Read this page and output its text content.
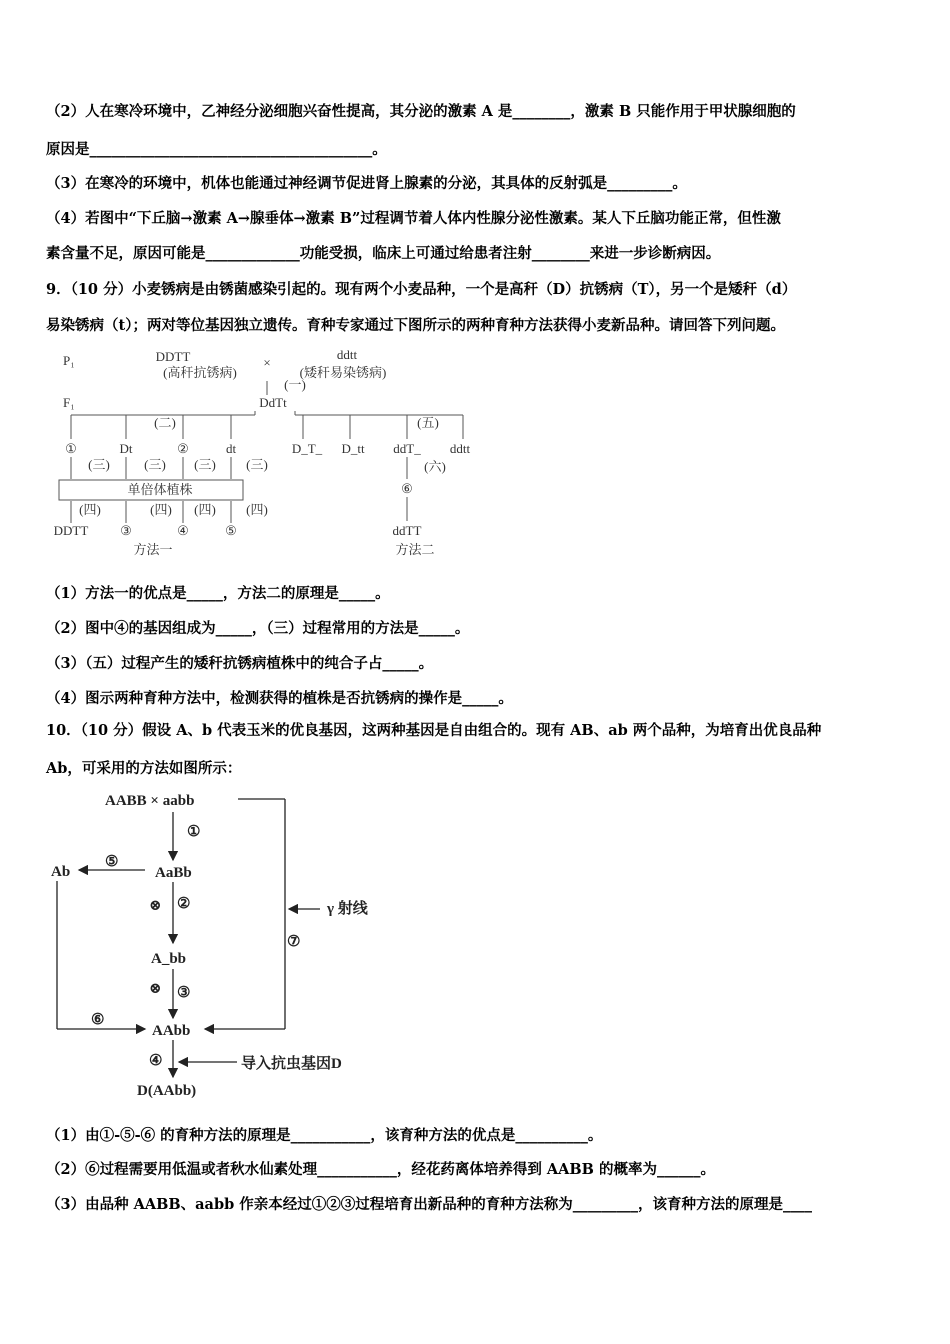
（2）人在寒冷环境中，乙神经分泌细胞兴奋性提高，其分泌的激素 A 是________，激素 B 只能作用于甲状腺细胞的
原因是_______________________________________。
（3）在寒冷的环境中，机体也能通过神经调节促进肾上腺素的分泌，其具体的反射弧是_________。
（4）若图中“下丘脑→激素 A→腺垂体→激素 B”过程调节着人体内性腺分泌性激素。某人下丘脑功能正常，但性激
素含量不足，原因可能是_____________功能受损，临床上可通过给患者注射________来进一步诊断病因。
9．（10 分）小麦锈病是由锈菌感染引起的。现有两个小麦品种，一个是高秆（D）抗锈病（T），另一个是矮秆（d）
易染锈病（t）；两对等位基因独立遗传。育种专家通过下图所示的两种育种方法获得小麦新品种。请回答下列问题。
P₁
F₁
DDTT
(高秆抗锈病)
×
ddtt
(矮秆易染锈病)
(一)
DdTt
(二)	(五)
①	Dt	②	dt
(三)	(三) (三) (三)
单倍体植株
(四)	(四) (四) (四)
DDTT ③	④	⑤
方法一
D_T_ D_tt ddT_ ddtt
(六)
⑥
ddTT
方法二
（1）方法一的优点是_____，方法二的原理是_____。
（2）图中④的基因组成为_____，（三）过程常用的方法是_____。
（3）（五）过程产生的矮秆抗锈病植株中的纯合子占_____。
（4）图示两种育种方法中，检测获得的植株是否抗锈病的操作是_____。
10．（10 分）假设 A、b 代表玉米的优良基因，这两种基因是自由组合的。现有 AB、ab 两个品种，为培育出优良品种
Ab，可采用的方法如图所示：
AABB × aabb
①
AaBb
⑤
Ab
⊗ ②
A_bb
⊗ ③
⑥
AAbb
⑦
γ 射线
④	导入抗虫基因D
D(AAbb)
（1）由①-⑤-⑥ 的育种方法的原理是___________，该育种方法的优点是__________。
（2）⑥过程需要用低温或者秋水仙素处理___________，经花药离体培养得到 AABB 的概率为______。
（3）由品种 AABB、aabb 作亲本经过①②③过程培育出新品种的育种方法称为_________，该育种方法的原理是____
